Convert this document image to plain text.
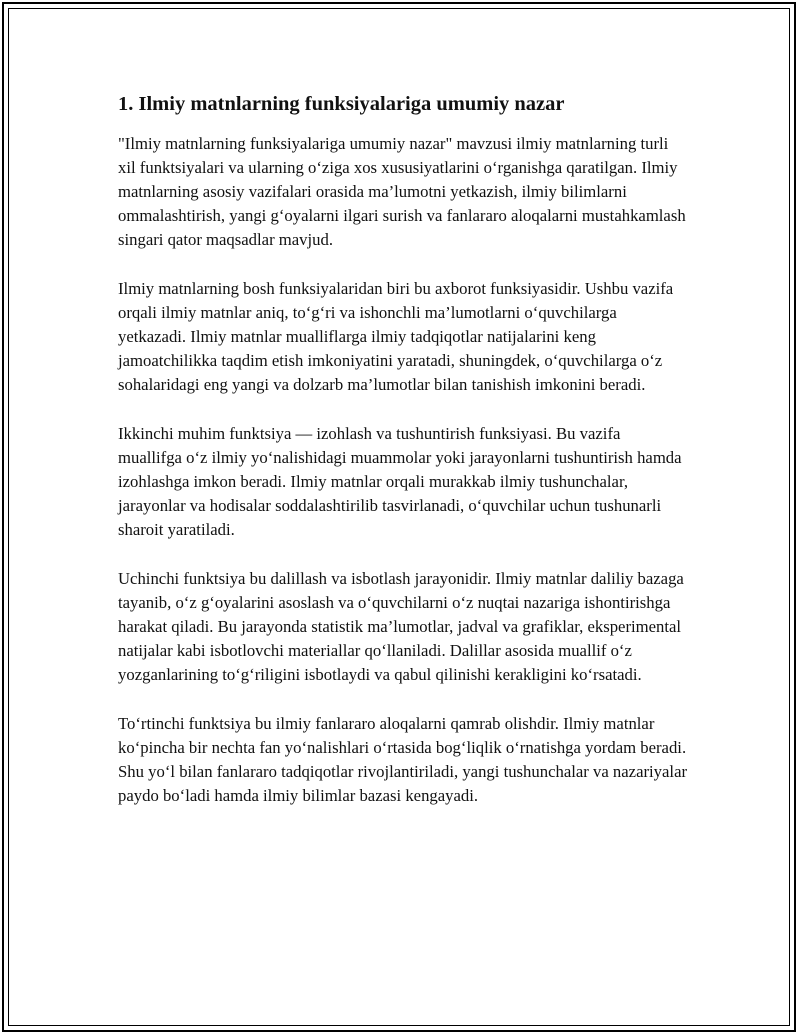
1. Ilmiy matnlarning funksiyalariga umumiy nazar

"Ilmiy matnlarning funksiyalariga umumiy nazar" mavzusi ilmiy matnlarning turli xil funktsiyalari va ularning o‘ziga xos xususiyatlarini o‘rganishga qaratilgan. Ilmiy matnlarning asosiy vazifalari orasida ma’lumotni yetkazish, ilmiy bilimlarni ommalashtirish, yangi g‘oyalarni ilgari surish va fanlararo aloqalarni mustahkamlash singari qator maqsadlar mavjud.

Ilmiy matnlarning bosh funksiyalaridan biri bu axborot funksiyasidir. Ushbu vazifa orqali ilmiy matnlar aniq, to‘g‘ri va ishonchli ma’lumotlarni o‘quvchilarga yetkazadi. Ilmiy matnlar mualliflarga ilmiy tadqiqotlar natijalarini keng jamoatchilikka taqdim etish imkoniyatini yaratadi, shuningdek, o‘quvchilarga o‘z sohalaridagi eng yangi va dolzarb ma’lumotlar bilan tanishish imkonini beradi.

Ikkinchi muhim funktsiya — izohlash va tushuntirish funksiyasi. Bu vazifa muallifga o‘z ilmiy yo‘nalishidagi muammolar yoki jarayonlarni tushuntirish hamda izohlashga imkon beradi. Ilmiy matnlar orqali murakkab ilmiy tushunchalar, jarayonlar va hodisalar soddalashtirilib tasvirlanadi, o‘quvchilar uchun tushunarli sharoit yaratiladi.

Uchinchi funktsiya bu dalillash va isbotlash jarayonidir. Ilmiy matnlar daliliy bazaga tayanib, o‘z g‘oyalarini asoslash va o‘quvchilarni o‘z nuqtai nazariga ishontirishga harakat qiladi. Bu jarayonda statistik ma’lumotlar, jadval va grafiklar, eksperimental natijalar kabi isbotlovchi materiallar qo‘llaniladi. Dalillar asosida muallif o‘z yozganlarining to‘g‘riligini isbotlaydi va qabul qilinishi kerakligini ko‘rsatadi.

To‘rtinchi funktsiya bu ilmiy fanlararo aloqalarni qamrab olishdir. Ilmiy matnlar ko‘pincha bir nechta fan yo‘nalishlari o‘rtasida bog‘liqlik o‘rnatishga yordam beradi. Shu yo‘l bilan fanlararo tadqiqotlar rivojlantiriladi, yangi tushunchalar va nazariyalar paydo bo‘ladi hamda ilmiy bilimlar bazasi kengayadi.
